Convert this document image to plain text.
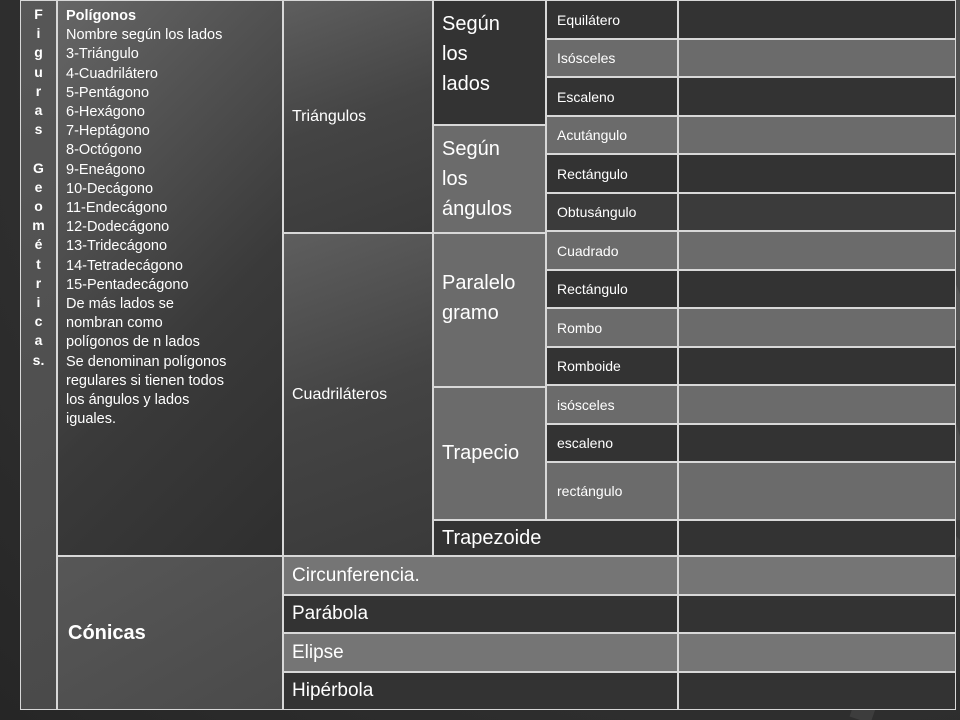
F
i
g
u
r
a
s

G
e
o
m
é
t
r
i
c
a
s.
Polígonos
Nombre según los lados
3-Triángulo
4-Cuadrilátero
5-Pentágono
6-Hexágono
7-Heptágono
8-Octógono
9-Eneágono
10-Decágono
11-Endecágono
12-Dodecágono
13-Tridecágono
14-Tetradecágono
15-Pentadecágono
De más lados se
nombran como
polígonos de n lados
Se denominan polígonos
regulares si tienen todos
los ángulos y lados
iguales.
Triángulos
Según
los
lados
Según
los
ángulos
Cuadriláteros
Paralelo
gramo
Trapecio
Trapezoide
Equilátero
Isósceles
Escaleno
Acutángulo
Rectángulo
Obtusángulo
Cuadrado
Rectángulo
Rombo
Romboide
isósceles
escaleno
rectángulo
Cónicas
Circunferencia.
Parábola
Elipse
Hipérbola
